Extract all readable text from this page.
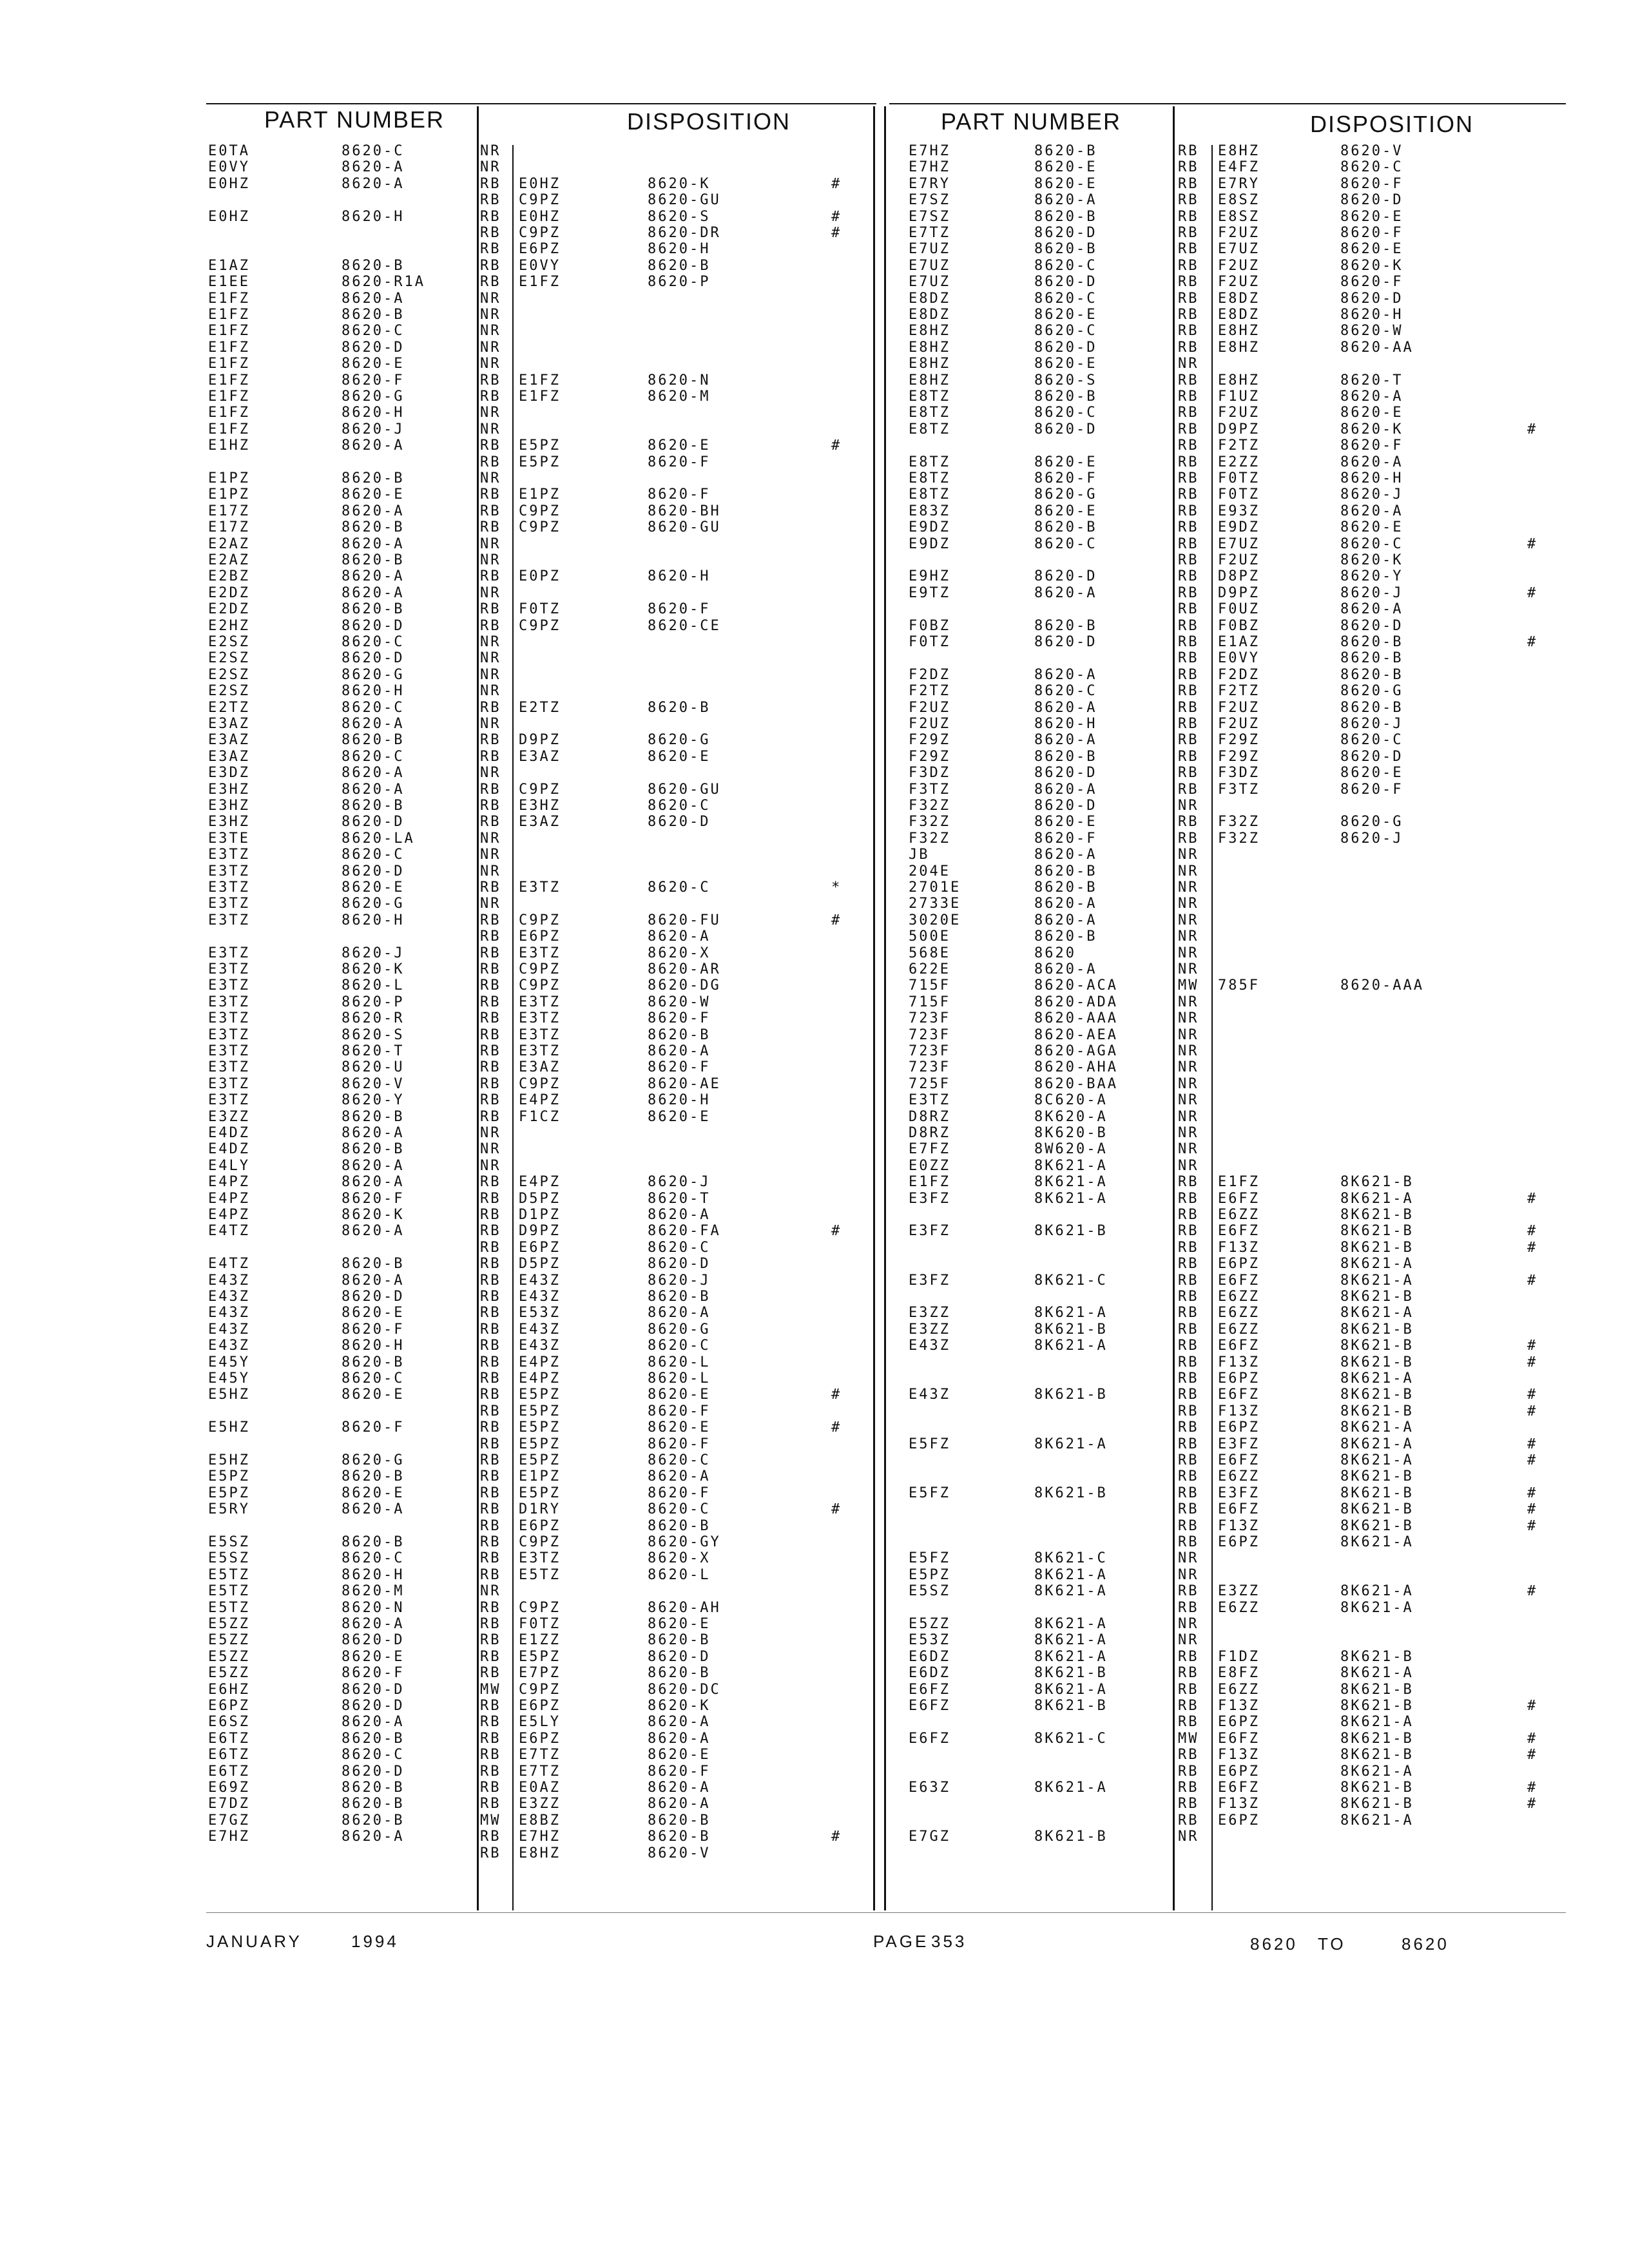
PART NUMBER	DISPOSITION	PART NUMBER	DISPOSITION
E0TA	8620-C	NR
E0VY	8620-A	NR
E0HZ	8620-A	RB E0HZ	8620-K	#
RB C9PZ	8620-GU
E0HZ	8620-H	RB E0HZ	8620-S	#
RB C9PZ	8620-DR	#
RB E6PZ	8620-H
E1AZ	8620-B	RB E0VY	8620-B
E1EE	8620-R1A	RB E1FZ	8620-P
E1FZ	8620-A	NR
E1FZ	8620-B	NR
E1FZ	8620-C	NR
E1FZ	8620-D	NR
E1FZ	8620-E	NR
E1FZ	8620-F	RB E1FZ	8620-N
E1FZ	8620-G	RB E1FZ	8620-M
E1FZ	8620-H	NR
E1FZ	8620-J	NR
E1HZ	8620-A	RB E5PZ	8620-E	#
RB E5PZ	8620-F
E1PZ	8620-B	NR
E1PZ	8620-E	RB E1PZ	8620-F
E17Z	8620-A	RB C9PZ	8620-BH
E17Z	8620-B	RB C9PZ	8620-GU
E2AZ	8620-A	NR
E2AZ	8620-B	NR
E2BZ	8620-A	RB E0PZ	8620-H
E2DZ	8620-A	NR
E2DZ	8620-B	RB F0TZ	8620-F
E2HZ	8620-D	RB C9PZ	8620-CE
E2SZ	8620-C	NR
E2SZ	8620-D	NR
E2SZ	8620-G	NR
E2SZ	8620-H	NR
E2TZ	8620-C	RB E2TZ	8620-B
E3AZ	8620-A	NR
E3AZ	8620-B	RB D9PZ	8620-G
E3AZ	8620-C	RB E3AZ	8620-E
E3DZ	8620-A	NR
E3HZ	8620-A	RB C9PZ	8620-GU
E3HZ	8620-B	RB E3HZ	8620-C
E3HZ	8620-D	RB E3AZ	8620-D
E3TE	8620-LA	NR
E3TZ	8620-C	NR
E3TZ	8620-D	NR
E3TZ	8620-E	RB E3TZ	8620-C	*
E3TZ	8620-G	NR
E3TZ	8620-H	RB C9PZ	8620-FU	#
RB E6PZ	8620-A
E3TZ	8620-J	RB E3TZ	8620-X
E3TZ	8620-K	RB C9PZ	8620-AR
E3TZ	8620-L	RB C9PZ	8620-DG
E3TZ	8620-P	RB E3TZ	8620-W
E3TZ	8620-R	RB E3TZ	8620-F
E3TZ	8620-S	RB E3TZ	8620-B
E3TZ	8620-T	RB E3TZ	8620-A
E3TZ	8620-U	RB E3AZ	8620-F
E3TZ	8620-V	RB C9PZ	8620-AE
E3TZ	8620-Y	RB E4PZ	8620-H
E3ZZ	8620-B	RB F1CZ	8620-E
E4DZ	8620-A	NR
E4DZ	8620-B	NR
E4LY	8620-A	NR
E4PZ	8620-A	RB E4PZ	8620-J
E4PZ	8620-F	RB D5PZ	8620-T
E4PZ	8620-K	RB D1PZ	8620-A
E4TZ	8620-A	RB D9PZ	8620-FA	#
RB E6PZ	8620-C
E4TZ	8620-B	RB D5PZ	8620-D
E43Z	8620-A	RB E43Z	8620-J
E43Z	8620-D	RB E43Z	8620-B
E43Z	8620-E	RB E53Z	8620-A
E43Z	8620-F	RB E43Z	8620-G
E43Z	8620-H	RB E43Z	8620-C
E45Y	8620-B	RB E4PZ	8620-L
E45Y	8620-C	RB E4PZ	8620-L
E5HZ	8620-E	RB E5PZ	8620-E	#
RB E5PZ	8620-F
E5HZ	8620-F	RB E5PZ	8620-E	#
RB E5PZ	8620-F
E5HZ	8620-G	RB E5PZ	8620-C
E5PZ	8620-B	RB E1PZ	8620-A
E5PZ	8620-E	RB E5PZ	8620-F
E5RY	8620-A	RB D1RY	8620-C	#
RB E6PZ	8620-B
E5SZ	8620-B	RB C9PZ	8620-GY
E5SZ	8620-C	RB E3TZ	8620-X
E5TZ	8620-H	RB E5TZ	8620-L
E5TZ	8620-M	NR
E5TZ	8620-N	RB C9PZ	8620-AH
E5ZZ	8620-A	RB F0TZ	8620-E
E5ZZ	8620-D	RB E1ZZ	8620-B
E5ZZ	8620-E	RB E5PZ	8620-D
E5ZZ	8620-F	RB E7PZ	8620-B
E6HZ	8620-D	MW C9PZ	8620-DC
E6PZ	8620-D	RB E6PZ	8620-K
E6SZ	8620-A	RB E5LY	8620-A
E6TZ	8620-B	RB E6PZ	8620-A
E6TZ	8620-C	RB E7TZ	8620-E
E6TZ	8620-D	RB E7TZ	8620-F
E69Z	8620-B	RB E0AZ	8620-A
E7DZ	8620-B	RB E3ZZ	8620-A
E7GZ	8620-B	MW E8BZ	8620-B
E7HZ	8620-A	RB E7HZ	8620-B	#
RB E8HZ	8620-V
E7HZ	8620-B	RB E8HZ	8620-V
E7HZ	8620-E	RB E4FZ	8620-C
E7RY	8620-E	RB E7RY	8620-F
E7SZ	8620-A	RB E8SZ	8620-D
E7SZ	8620-B	RB E8SZ	8620-E
E7TZ	8620-D	RB F2UZ	8620-F
E7UZ	8620-B	RB E7UZ	8620-E
E7UZ	8620-C	RB F2UZ	8620-K
E7UZ	8620-D	RB F2UZ	8620-F
E8DZ	8620-C	RB E8DZ	8620-D
E8DZ	8620-E	RB E8DZ	8620-H
E8HZ	8620-C	RB E8HZ	8620-W
E8HZ	8620-D	RB E8HZ	8620-AA
E8HZ	8620-E	NR
E8HZ	8620-S	RB E8HZ	8620-T
E8TZ	8620-B	RB F1UZ	8620-A
E8TZ	8620-C	RB F2UZ	8620-E
E8TZ	8620-D	RB D9PZ	8620-K	#
RB F2TZ	8620-F
E8TZ	8620-E	RB E2ZZ	8620-A
E8TZ	8620-F	RB F0TZ	8620-H
E8TZ	8620-G	RB F0TZ	8620-J
E83Z	8620-E	RB E93Z	8620-A
E9DZ	8620-B	RB E9DZ	8620-E
E9DZ	8620-C	RB E7UZ	8620-C	#
RB F2UZ	8620-K
E9HZ	8620-D	RB D8PZ	8620-Y
E9TZ	8620-A	RB D9PZ	8620-J	#
RB F0UZ	8620-A
F0BZ	8620-B	RB F0BZ	8620-D
F0TZ	8620-D	RB E1AZ	8620-B	#
RB E0VY	8620-B
F2DZ	8620-A	RB F2DZ	8620-B
F2TZ	8620-C	RB F2TZ	8620-G
F2UZ	8620-A	RB F2UZ	8620-B
F2UZ	8620-H	RB F2UZ	8620-J
F29Z	8620-A	RB F29Z	8620-C
F29Z	8620-B	RB F29Z	8620-D
F3DZ	8620-D	RB F3DZ	8620-E
F3TZ	8620-A	RB F3TZ	8620-F
F32Z	8620-D	NR
F32Z	8620-E	RB F32Z	8620-G
F32Z	8620-F	RB F32Z	8620-J
JB	8620-A	NR
204E	8620-B	NR
2701E	8620-B	NR
2733E	8620-A	NR
3020E	8620-A	NR
500E	8620-B	NR
568E	8620	NR
622E	8620-A	NR
715F	8620-ACA	MW 785F	8620-AAA
715F	8620-ADA	NR
723F	8620-AAA	NR
723F	8620-AEA	NR
723F	8620-AGA	NR
723F	8620-AHA	NR
725F	8620-BAA	NR
E3TZ	8C620-A	NR
D8RZ	8K620-A	NR
D8RZ	8K620-B	NR
E7FZ	8W620-A	NR
E0ZZ	8K621-A	NR
E1FZ	8K621-A	RB E1FZ	8K621-B
E3FZ	8K621-A	RB E6FZ	8K621-A	#
RB E6ZZ	8K621-B
E3FZ	8K621-B	RB E6FZ	8K621-B	#
RB F13Z	8K621-B	#
RB E6PZ	8K621-A
E3FZ	8K621-C	RB E6FZ	8K621-A	#
RB E6ZZ	8K621-B
E3ZZ	8K621-A	RB E6ZZ	8K621-A
E3ZZ	8K621-B	RB E6ZZ	8K621-B
E43Z	8K621-A	RB E6FZ	8K621-B	#
RB F13Z	8K621-B	#
RB E6PZ	8K621-A
E43Z	8K621-B	RB E6FZ	8K621-B	#
RB F13Z	8K621-B	#
RB E6PZ	8K621-A
E5FZ	8K621-A	RB E3FZ	8K621-A	#
RB E6FZ	8K621-A	#
RB E6ZZ	8K621-B
E5FZ	8K621-B	RB E3FZ	8K621-B	#
RB E6FZ	8K621-B	#
RB F13Z	8K621-B	#
RB E6PZ	8K621-A
E5FZ	8K621-C	NR
E5PZ	8K621-A	NR
E5SZ	8K621-A	RB E3ZZ	8K621-A	#
RB E6ZZ	8K621-A
E5ZZ	8K621-A	NR
E53Z	8K621-A	NR
E6DZ	8K621-A	RB F1DZ	8K621-B
E6DZ	8K621-B	RB E8FZ	8K621-A
E6FZ	8K621-A	RB E6ZZ	8K621-B
E6FZ	8K621-B	RB F13Z	8K621-B	#
RB E6PZ	8K621-A
E6FZ	8K621-C	MW E6FZ	8K621-B	#
RB F13Z	8K621-B	#
RB E6PZ	8K621-A
E63Z	8K621-A	RB E6FZ	8K621-B	#
RB F13Z	8K621-B	#
RB E6PZ	8K621-A
E7GZ	8K621-B	NR
JANUARY	1994	PAGE 353	8620 TO	8620
